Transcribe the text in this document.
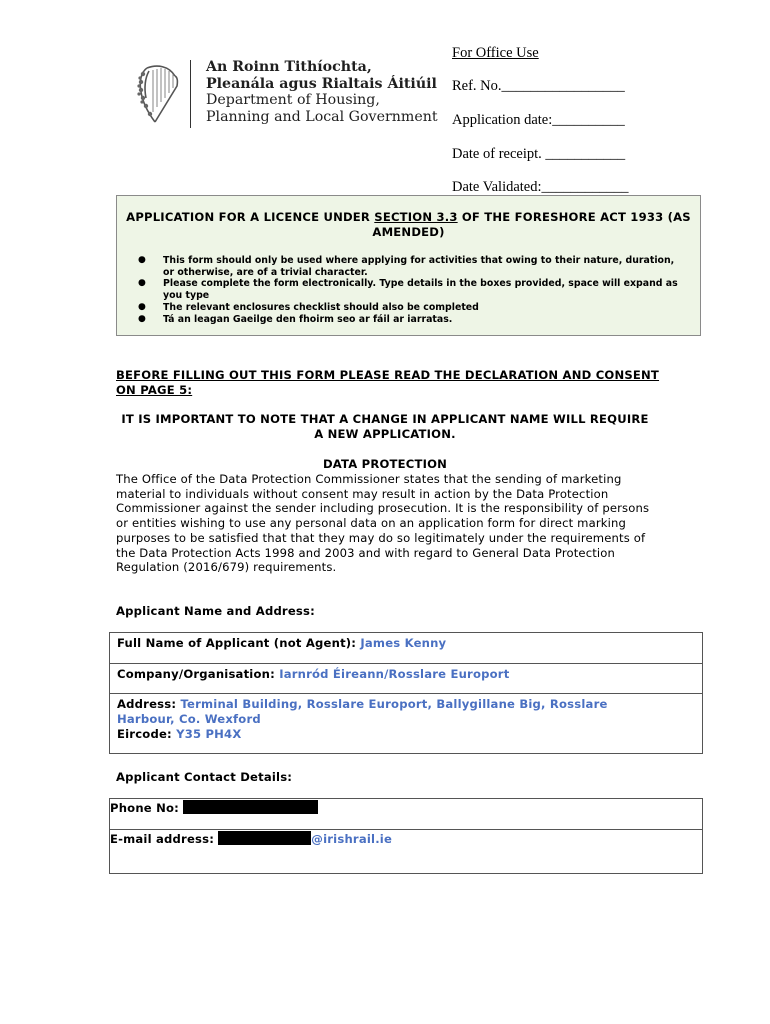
An Roinn Tithíochta,
Pleanála agus Rialtais Áitiúil
Department of Housing,
Planning and Local Government
For Office Use
Ref. No._________________
Application date:__________
Date of receipt. ___________
Date Validated:____________
APPLICATION FOR A LICENCE UNDER SECTION 3.3 OF THE FORESHORE ACT 1933 (AS AMENDED)
●	This form should only be used where applying for activities that owing to their nature, duration, or otherwise, are of a trivial character.
●	Please complete the form electronically. Type details in the boxes provided, space will expand as you type
●	The relevant enclosures checklist should also be completed
●	Tá an leagan Gaeilge den fhoirm seo ar fáil ar iarratas.
BEFORE FILLING OUT THIS FORM PLEASE READ THE DECLARATION AND CONSENT ON PAGE 5:
IT IS IMPORTANT TO NOTE THAT A CHANGE IN APPLICANT NAME WILL REQUIRE A NEW APPLICATION.
DATA PROTECTION
The Office of the Data Protection Commissioner states that the sending of marketing material to individuals without consent may result in action by the Data Protection Commissioner against the sender including prosecution. It is the responsibility of persons or entities wishing to use any personal data on an application form for direct marking purposes to be satisfied that that they may do so legitimately under the requirements of the Data Protection Acts 1998 and 2003 and with regard to General Data Protection Regulation (2016/679) requirements.
Applicant Name and Address:
Full Name of Applicant (not Agent): James Kenny
Company/Organisation: Iarnród Éireann/Rosslare Europort
Address: Terminal Building, Rosslare Europort, Ballygillane Big, Rosslare Harbour, Co. Wexford
Eircode: Y35 PH4X
Applicant Contact Details:
Phone No:
E-mail address:	@irishrail.ie
